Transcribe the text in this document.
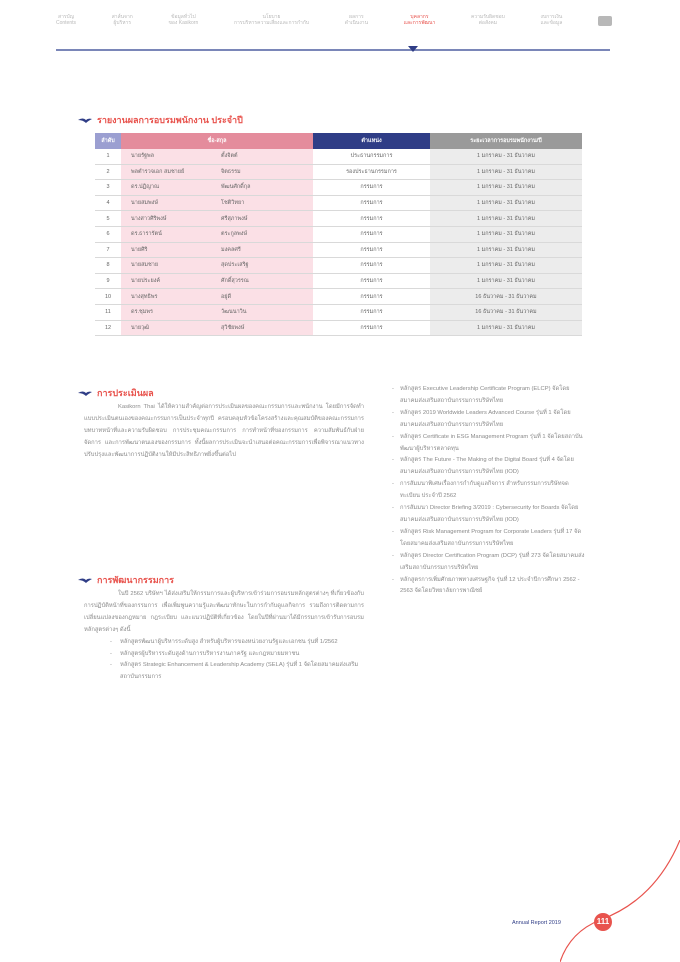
สารบัญ
Contents
สาส์นจาก
ผู้บริหาร
ข้อมูลทั่วไป
ของ Kasikorn
นโยบาย
การบริหารความเสี่ยงและการกำกับ
ผลการ
ดำเนินงาน
บุคลากร
และการพัฒนา
ความรับผิดชอบ
ต่อสังคม
งบการเงิน
และข้อมูล
รายงานผลการอบรมพนักงาน ประจำปี
ลำดับ	ชื่อ-สกุล		ตำแหน่ง	ระยะเวลาการอบรมพนักงาน/ปี
1	นายรัฐพล	ตั้งจิตต์	ประธานกรรมการ	1 มกราคม - 31 ธันวาคม
2	พลตำรวจเอก สมชายย์	จิตธรรม	รองประธานกรรมการ	1 มกราคม - 31 ธันวาคม
3	ดร.ปฏิญาณ	พัฒนศักดิ์กุล	กรรมการ	1 มกราคม - 31 ธันวาคม
4	นายสมพงษ์	โชติวิทยา	กรรมการ	1 มกราคม - 31 ธันวาคม
5	นางสาวศิริพงษ์	ศรีสุภาพงษ์	กรรมการ	1 มกราคม - 31 ธันวาคม
6	ดร.ธารารัตน์	ตระกูลพงษ์	กรรมการ	1 มกราคม - 31 ธันวาคม
7	นายศิริ	มงคลศรี	กรรมการ	1 มกราคม - 31 ธันวาคม
8	นายสมชาย	สุดประเสริฐ	กรรมการ	1 มกราคม - 31 ธันวาคม
9	นายประยงค์	ศักดิ์สุวรรณ	กรรมการ	1 มกราคม - 31 ธันวาคม
10	นางสุทธิพร	อยู่ดี	กรรมการ	16 ธันวาคม - 31 ธันวาคม
11	ดร.ชุมพร	วัฒนนาวิน	กรรมการ	16 ธันวาคม - 31 ธันวาคม
12	นายวุฒิ	สุวิชัยพงษ์	กรรมการ	1 มกราคม - 31 ธันวาคม
การประเมินผล

Kasikorn Thai ได้ให้ความสำคัญต่อการประเมินผลของคณะกรรมการและพนักงาน โดยมีการจัดทำแบบประเมินตนเองของคณะกรรมการเป็นประจำทุกปี ครอบคลุมหัวข้อโครงสร้างและคุณสมบัติของคณะกรรมการ บทบาทหน้าที่และความรับผิดชอบ การประชุมคณะกรรมการ การทำหน้าที่ของกรรมการ ความสัมพันธ์กับฝ่ายจัดการ และการพัฒนาตนเองของกรรมการ ทั้งนี้ผลการประเมินจะนำเสนอต่อคณะกรรมการเพื่อพิจารณาแนวทางปรับปรุงและพัฒนาการปฏิบัติงานให้มีประสิทธิภาพยิ่งขึ้นต่อไป

การพัฒนากรรมการ

ในปี 2562 บริษัทฯ ได้ส่งเสริมให้กรรมการและผู้บริหารเข้าร่วมการอบรมหลักสูตรต่างๆ ที่เกี่ยวข้องกับการปฏิบัติหน้าที่ของกรรมการ เพื่อเพิ่มพูนความรู้และพัฒนาทักษะในการกำกับดูแลกิจการ รวมถึงการติดตามการเปลี่ยนแปลงของกฎหมาย กฎระเบียบ และแนวปฏิบัติที่เกี่ยวข้อง โดยในปีที่ผ่านมาได้มีกรรมการเข้ารับการอบรมหลักสูตรต่างๆ ดังนี้

- หลักสูตรพัฒนาผู้บริหารระดับสูง สำหรับผู้บริหารของหน่วยงานรัฐและเอกชน รุ่นที่ 1/2562
- หลักสูตรผู้บริหารระดับสูงด้านการบริหารงานภาครัฐ และกฎหมายมหาชน
- หลักสูตร Strategic Enhancement & Leadership Academy (SELA) รุ่นที่ 1 จัดโดยสมาคมส่งเสริมสถาบันกรรมการ
- หลักสูตร Executive Leadership Certificate Program (ELCP) จัดโดยสมาคมส่งเสริมสถาบันกรรมการบริษัทไทย
- หลักสูตร 2019 Worldwide Leaders Advanced Course รุ่นที่ 1 จัดโดยสมาคมส่งเสริมสถาบันกรรมการบริษัทไทย
- หลักสูตร Certificate in ESG Management Program รุ่นที่ 1 จัดโดยสถาบันพัฒนาผู้บริหารตลาดทุน
- หลักสูตร The Future - The Making of the Digital Board รุ่นที่ 4 จัดโดยสมาคมส่งเสริมสถาบันกรรมการบริษัทไทย (IOD)
- การสัมมนาพิเศษเรื่องการกำกับดูแลกิจการ สำหรับกรรมการบริษัทจดทะเบียน ประจำปี 2562
- การสัมมนา Director Briefing 3/2019 : Cybersecurity for Boards จัดโดยสมาคมส่งเสริมสถาบันกรรมการบริษัทไทย (IOD)
- หลักสูตร Risk Management Program for Corporate Leaders รุ่นที่ 17 จัดโดยสมาคมส่งเสริมสถาบันกรรมการบริษัทไทย
- หลักสูตร Director Certification Program (DCP) รุ่นที่ 273 จัดโดยสมาคมส่งเสริมสถาบันกรรมการบริษัทไทย
- หลักสูตรการเพิ่มศักยภาพทางเศรษฐกิจ รุ่นที่ 12 ประจำปีการศึกษา 2562 - 2563 จัดโดยวิทยาลัยการพาณิชย์
Annual Report 2019	111
